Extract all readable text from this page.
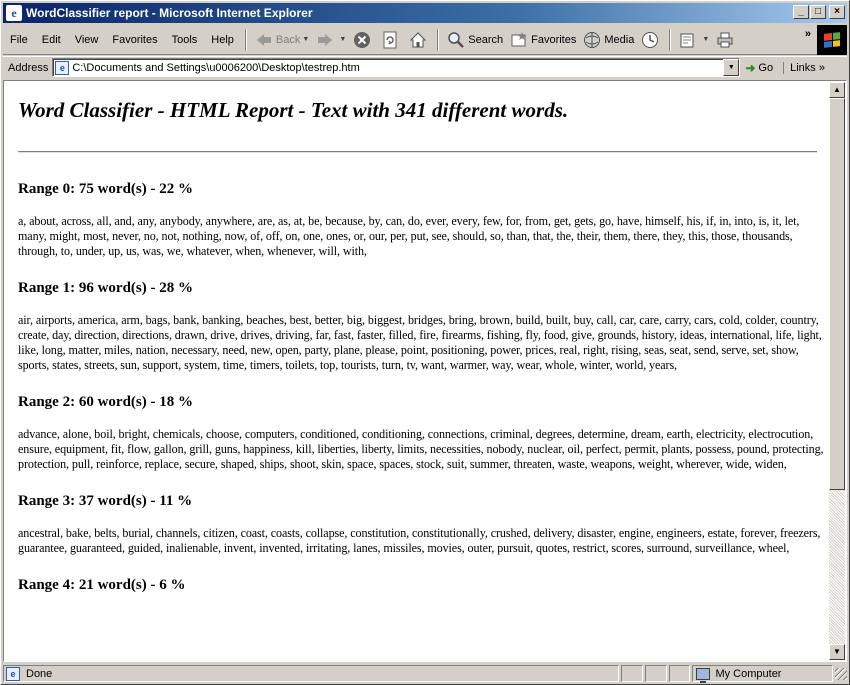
e WordClassifier report - Microsoft Internet Explorer	_	□	×
File	Edit	View	Favorites	Tools	Help	Back ▼	▼	Search	Favorites	Media	▼	»
Address	e C:\Documents and Settings\u0006200\Desktop\testrep.htm	▼ ➜ Go	Links »
Word Classifier - HTML Report - Text with 341 different words.
Range 0: 75 word(s) - 22 %
a, about, across, all, and, any, anybody, anywhere, are, as, at, be, because, by, can, do, ever, every, few, for, from, get, gets, go, have, himself, his, if, in, into, is, it, let, many, might, most, never, no, not, nothing, now, of, off, on, one, ones, or, our, per, put, see, should, so, than, that, the, their, them, there, they, this, those, thousands, through, to, under, up, us, was, we, whatever, when, whenever, will, with,
Range 1: 96 word(s) - 28 %
air, airports, america, arm, bags, bank, banking, beaches, best, better, big, biggest, bridges, bring, brown, build, built, buy, call, car, care, carry, cars, cold, colder, country, create, day, direction, directions, drawn, drive, drives, driving, far, fast, faster, filled, fire, firearms, fishing, fly, food, give, grounds, history, ideas, international, life, light, like, long, matter, miles, nation, necessary, need, new, open, party, plane, please, point, positioning, power, prices, real, right, rising, seas, seat, send, serve, set, show, sports, states, streets, sun, support, system, time, timers, toilets, top, tourists, turn, tv, want, warmer, way, wear, whole, winter, world, years,
Range 2: 60 word(s) - 18 %
advance, alone, boil, bright, chemicals, choose, computers, conditioned, conditioning, connections, criminal, degrees, determine, dream, earth, electricity, electrocution, ensure, equipment, fit, flow, gallon, grill, guns, happiness, kill, liberties, liberty, limits, necessities, nobody, nuclear, oil, perfect, permit, plants, possess, pound, protecting, protection, pull, reinforce, replace, secure, shaped, ships, shoot, skin, space, spaces, stock, suit, summer, threaten, waste, weapons, weight, wherever, wide, widen,
Range 3: 37 word(s) - 11 %
ancestral, bake, belts, burial, channels, citizen, coast, coasts, collapse, constitution, constitutionally, crushed, delivery, disaster, engine, engineers, estate, forever, freezers, guarantee, guaranteed, guided, inalienable, invent, invented, irritating, lanes, missiles, movies, outer, pursuit, quotes, restrict, scores, surround, surveillance, wheel,
Range 4: 21 word(s) - 6 %
▲
▼
e Done	My Computer
